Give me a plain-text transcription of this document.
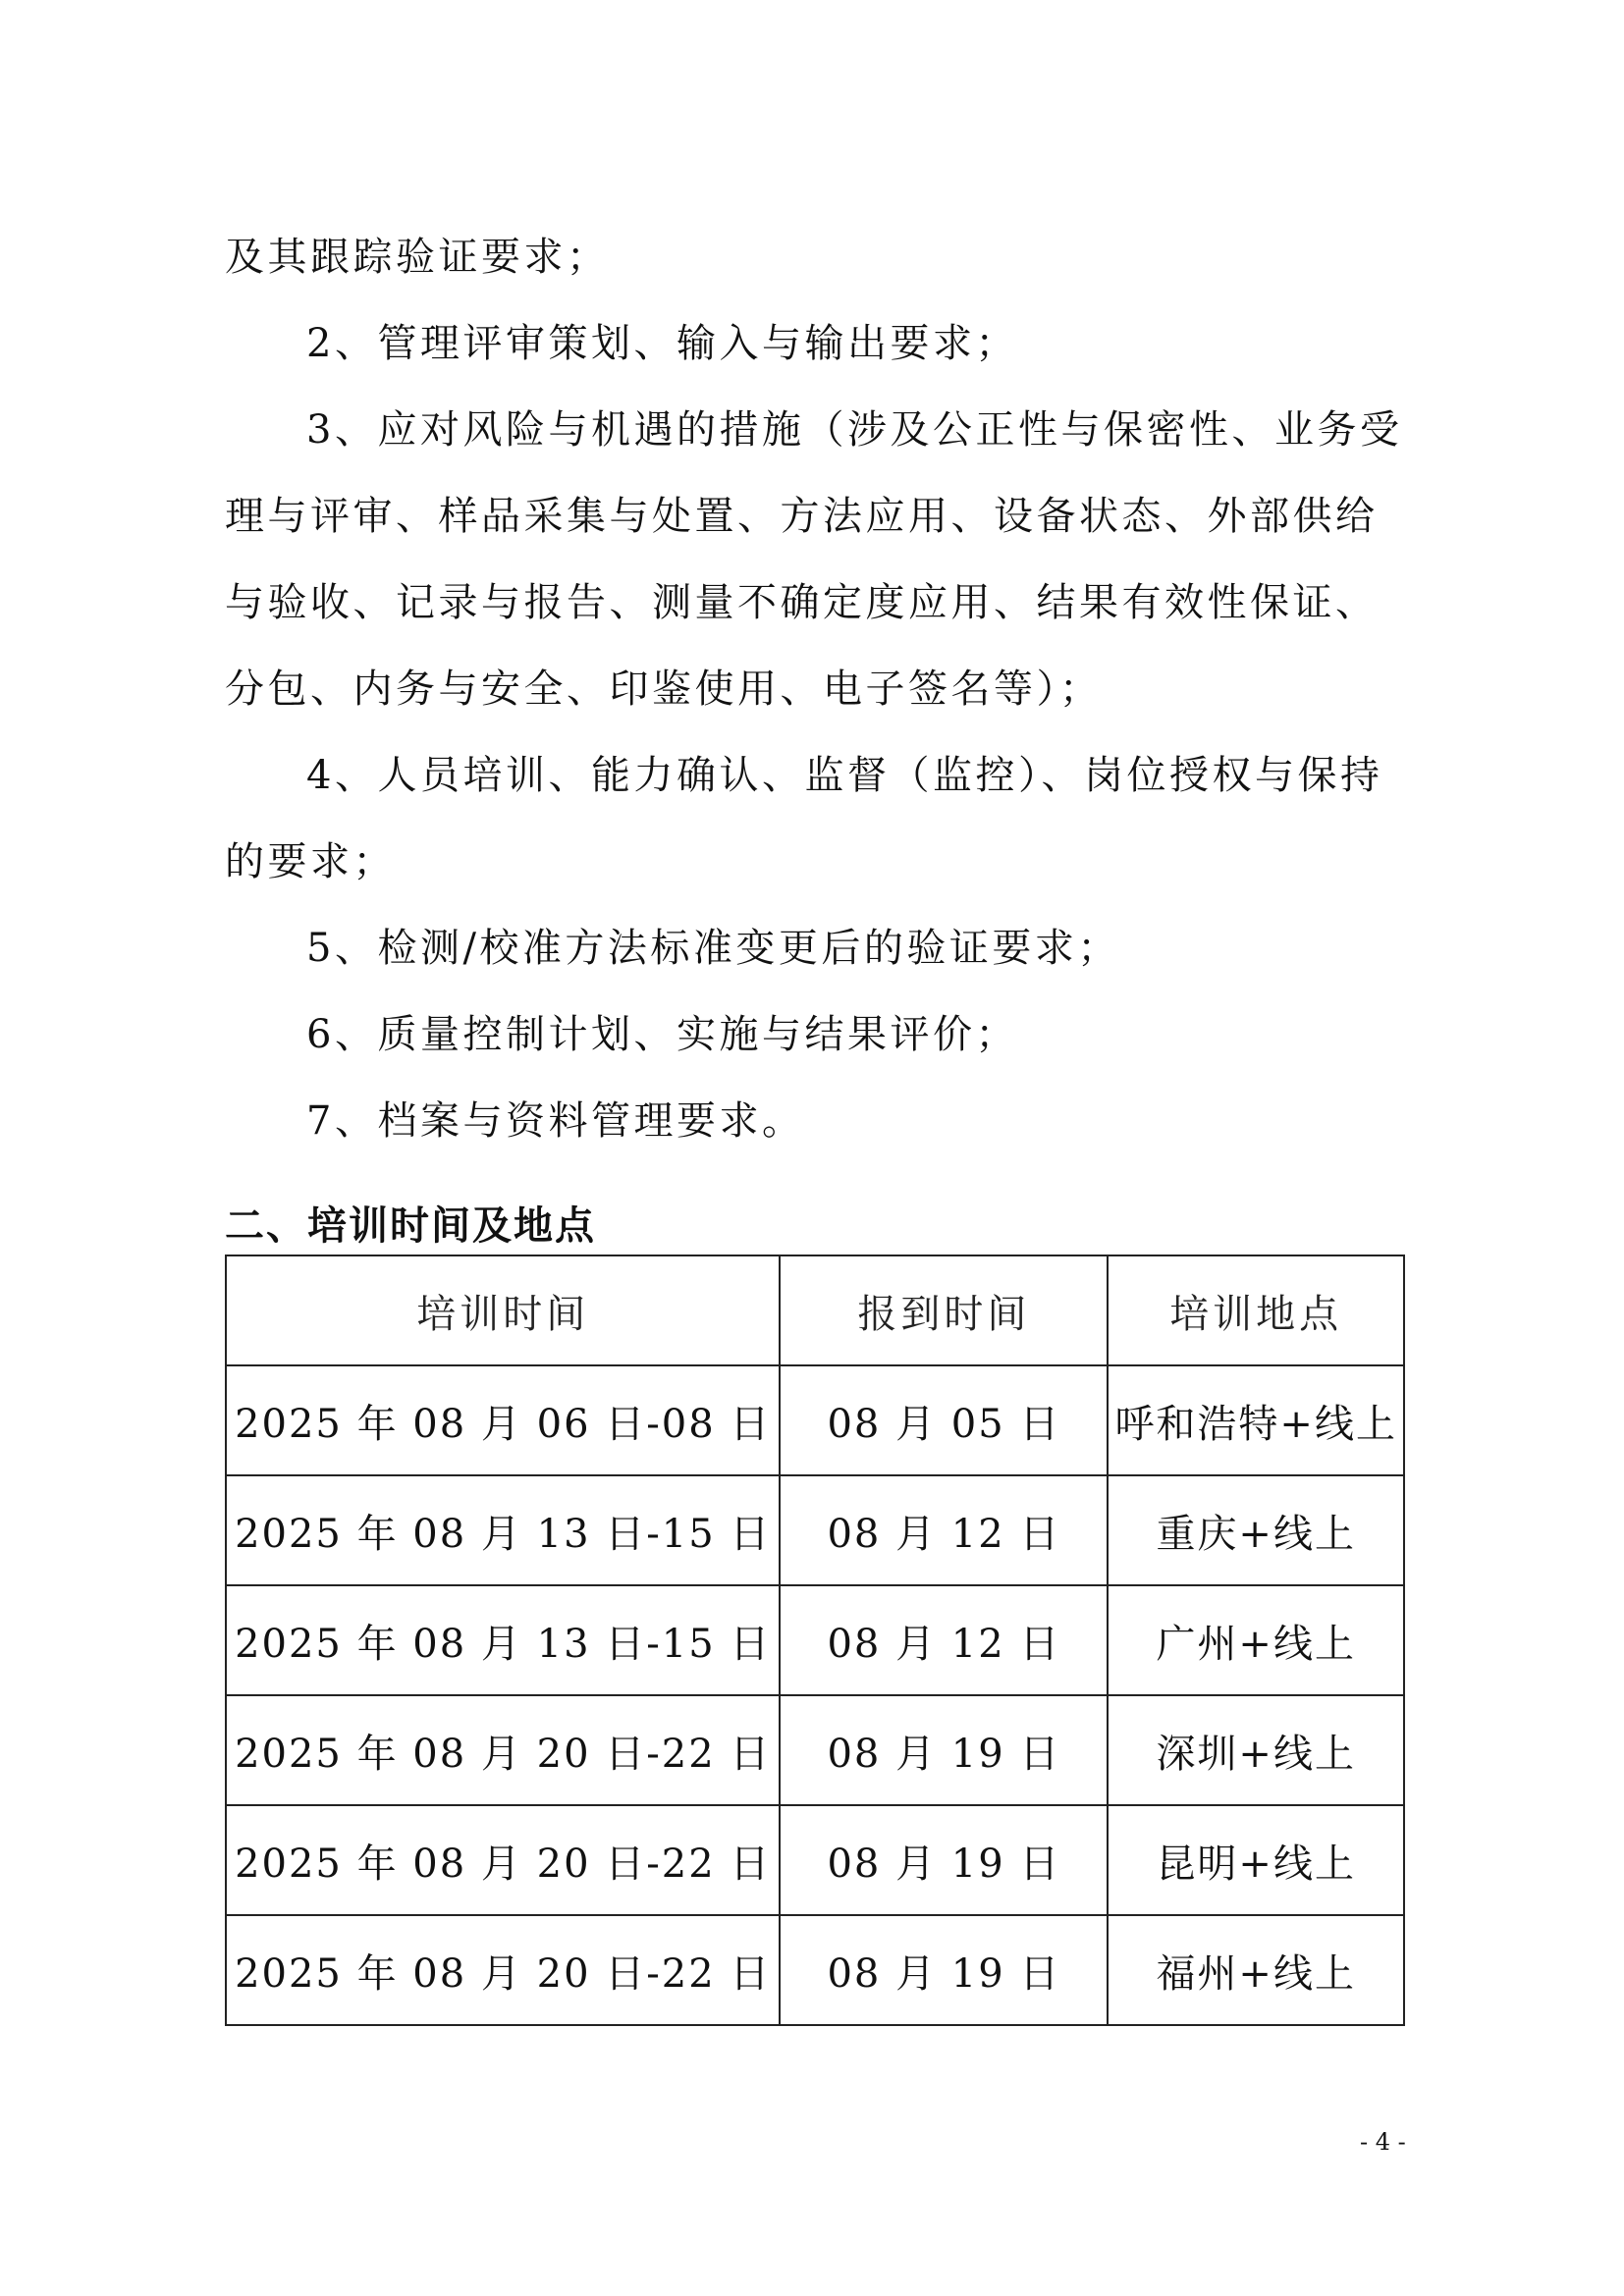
及其跟踪验证要求；
2、管理评审策划、输入与输出要求；
3、应对风险与机遇的措施（涉及公正性与保密性、业务受
理与评审、样品采集与处置、方法应用、设备状态、外部供给
与验收、记录与报告、测量不确定度应用、结果有效性保证、
分包、内务与安全、印鉴使用、电子签名等）；
4、人员培训、能力确认、监督（监控）、岗位授权与保持
的要求；
5、检测/校准方法标准变更后的验证要求；
6、质量控制计划、实施与结果评价；
7、档案与资料管理要求。
二、培训时间及地点
培训时间	报到时间	培训地点
2025 年 08 月 06 日-08 日	08 月 05 日	呼和浩特+线上
2025 年 08 月 13 日-15 日	08 月 12 日	重庆+线上
2025 年 08 月 13 日-15 日	08 月 12 日	广州+线上
2025 年 08 月 20 日-22 日	08 月 19 日	深圳+线上
2025 年 08 月 20 日-22 日	08 月 19 日	昆明+线上
2025 年 08 月 20 日-22 日	08 月 19 日	福州+线上
- 4 -
